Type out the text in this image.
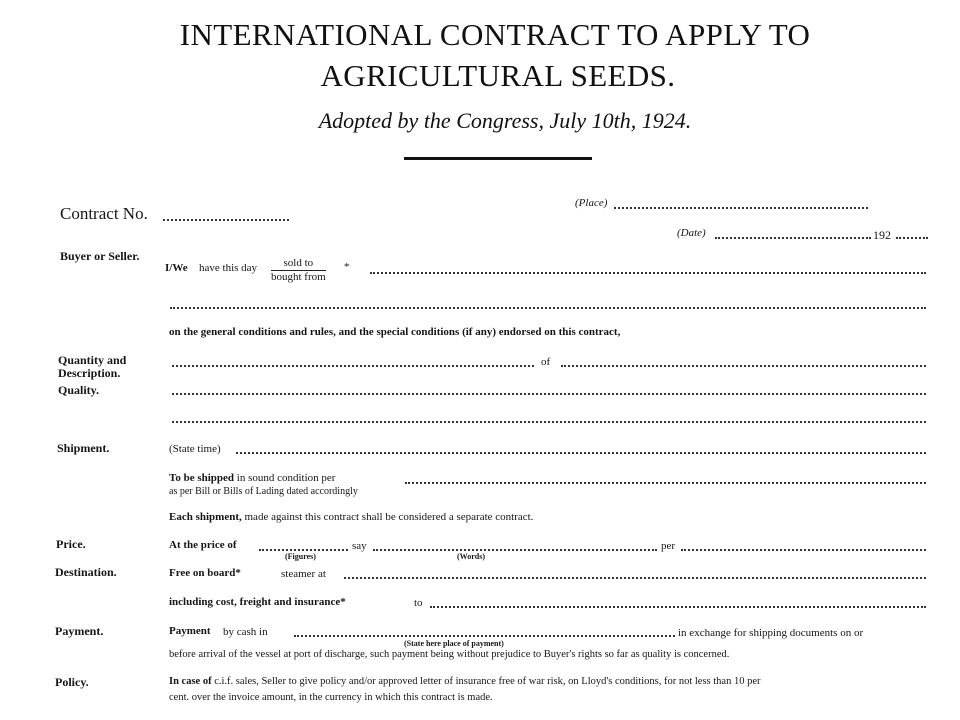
INTERNATIONAL CONTRACT TO APPLY TO
AGRICULTURAL SEEDS.
Adopted by the Congress, July 10th, 1924.
Contract No.
(Place)
(Date)	192
Buyer or Seller.
I/We have this day	sold to
bought from
*
on the general conditions and rules, and the special conditions (if any) endorsed on this contract,
Quantity and Description.
of
Quality.
Shipment.	(State time)
To be shipped in sound condition per
as per Bill or Bills of Lading dated accordingly
Each shipment, made against this contract shall be considered a separate contract.
Price.	At the price of	say	per
(Figures)	(Words)
Destination.	Free on board*	steamer at
including cost, freight and insurance*	to
Payment.	Payment by cash in	in exchange for shipping documents on or
(State here place of payment)
before arrival of the vessel at port of discharge, such payment being without prejudice to Buyer's rights so far as quality is concerned.
Policy.	In case of c.i.f. sales, Seller to give policy and/or approved letter of insurance free of war risk, on Lloyd's conditions, for not less than 10 per
cent. over the invoice amount, in the currency in which this contract is made.
